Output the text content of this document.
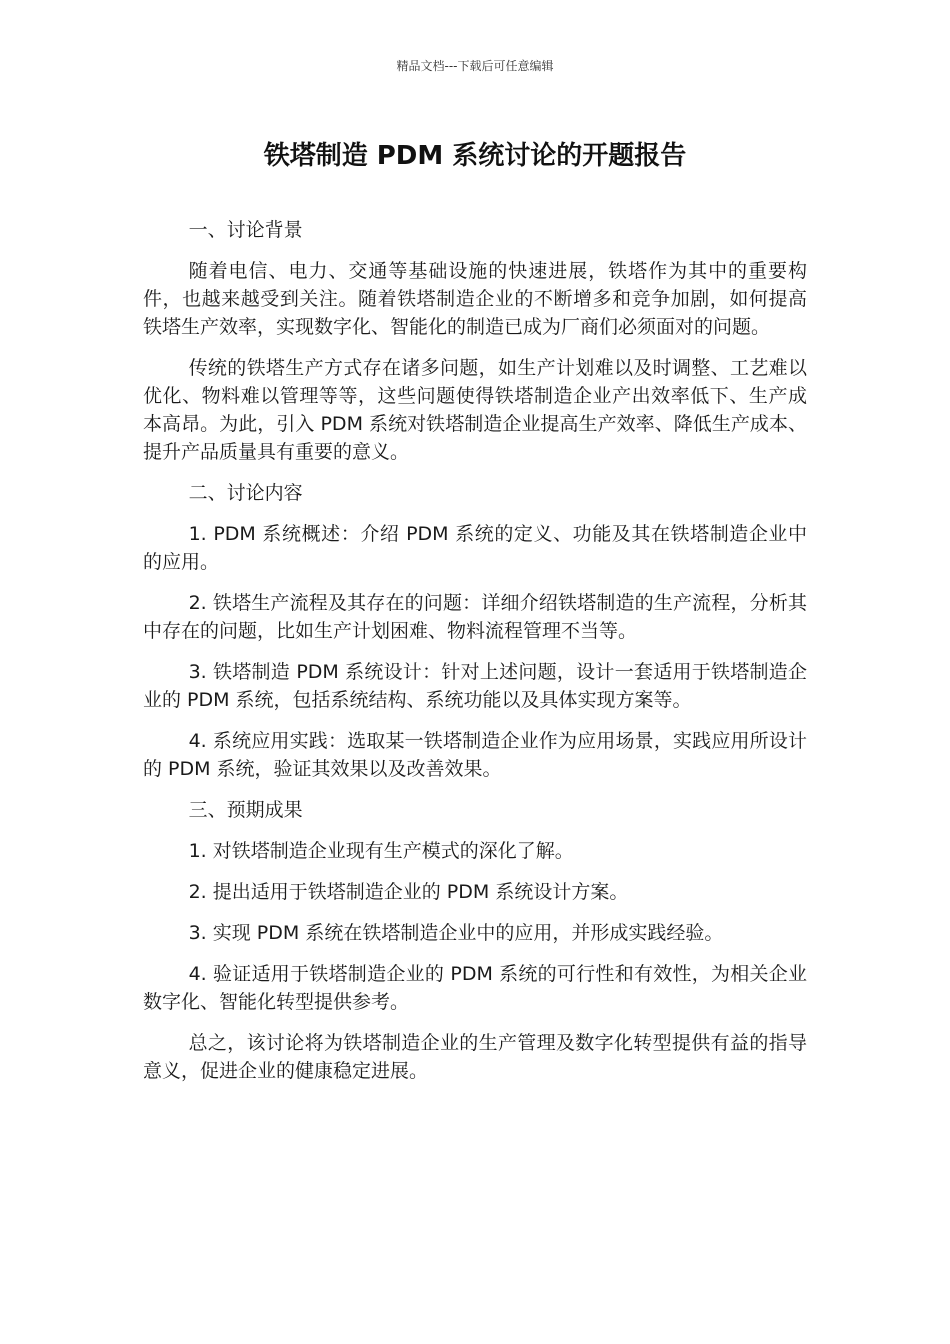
精品文档---下载后可任意编辑
铁塔制造 PDM 系统讨论的开题报告

一、讨论背景

随着电信、电力、交通等基础设施的快速进展，铁塔作为其中的重要构件，也越来越受到关注。随着铁塔制造企业的不断增多和竞争加剧，如何提高铁塔生产效率，实现数字化、智能化的制造已成为厂商们必须面对的问题。

传统的铁塔生产方式存在诸多问题，如生产计划难以及时调整、工艺难以优化、物料难以管理等等，这些问题使得铁塔制造企业产出效率低下、生产成本高昂。为此，引入 PDM 系统对铁塔制造企业提高生产效率、降低生产成本、提升产品质量具有重要的意义。

二、讨论内容

1. PDM 系统概述：介绍 PDM 系统的定义、功能及其在铁塔制造企业中的应用。

2. 铁塔生产流程及其存在的问题：详细介绍铁塔制造的生产流程，分析其中存在的问题，比如生产计划困难、物料流程管理不当等。

3. 铁塔制造 PDM 系统设计：针对上述问题，设计一套适用于铁塔制造企业的 PDM 系统，包括系统结构、系统功能以及具体实现方案等。

4. 系统应用实践：选取某一铁塔制造企业作为应用场景，实践应用所设计的 PDM 系统，验证其效果以及改善效果。

三、预期成果

1. 对铁塔制造企业现有生产模式的深化了解。

2. 提出适用于铁塔制造企业的 PDM 系统设计方案。

3. 实现 PDM 系统在铁塔制造企业中的应用，并形成实践经验。

4. 验证适用于铁塔制造企业的 PDM 系统的可行性和有效性，为相关企业数字化、智能化转型提供参考。

总之，该讨论将为铁塔制造企业的生产管理及数字化转型提供有益的指导意义，促进企业的健康稳定进展。
